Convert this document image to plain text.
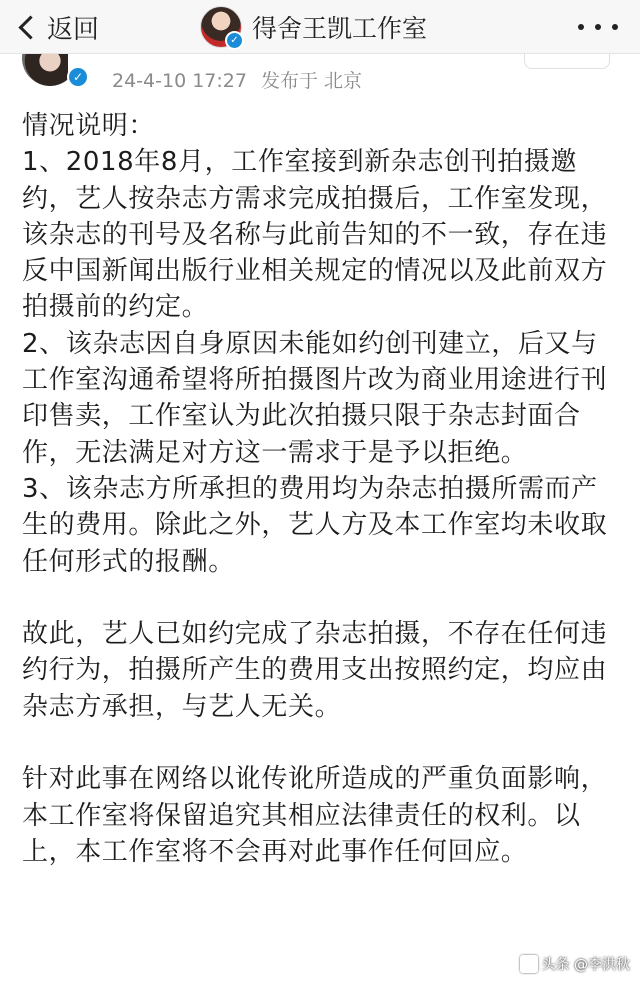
返回	✓ 得舍王凯工作室
✓	24-4-10 17:27 发布于 北京

情况说明：

1、2018年8月，工作室接到新杂志创刊拍摄邀约，艺人按杂志方需求完成拍摄后，工作室发现，该杂志的刊号及名称与此前告知的不一致，存在违反中国新闻出版行业相关规定的情况以及此前双方拍摄前的约定。

2、该杂志因自身原因未能如约创刊建立，后又与工作室沟通希望将所拍摄图片改为商业用途进行刊印售卖，工作室认为此次拍摄只限于杂志封面合作，无法满足对方这一需求于是予以拒绝。

3、该杂志方所承担的费用均为杂志拍摄所需而产生的费用。除此之外，艺人方及本工作室均未收取任何形式的报酬。

故此，艺人已如约完成了杂志拍摄，不存在任何违约行为，拍摄所产生的费用支出按照约定，均应由杂志方承担，与艺人无关。

针对此事在网络以讹传讹所造成的严重负面影响，本工作室将保留追究其相应法律责任的权利。以上，本工作室将不会再对此事作任何回应。

头条 @李洪秋
